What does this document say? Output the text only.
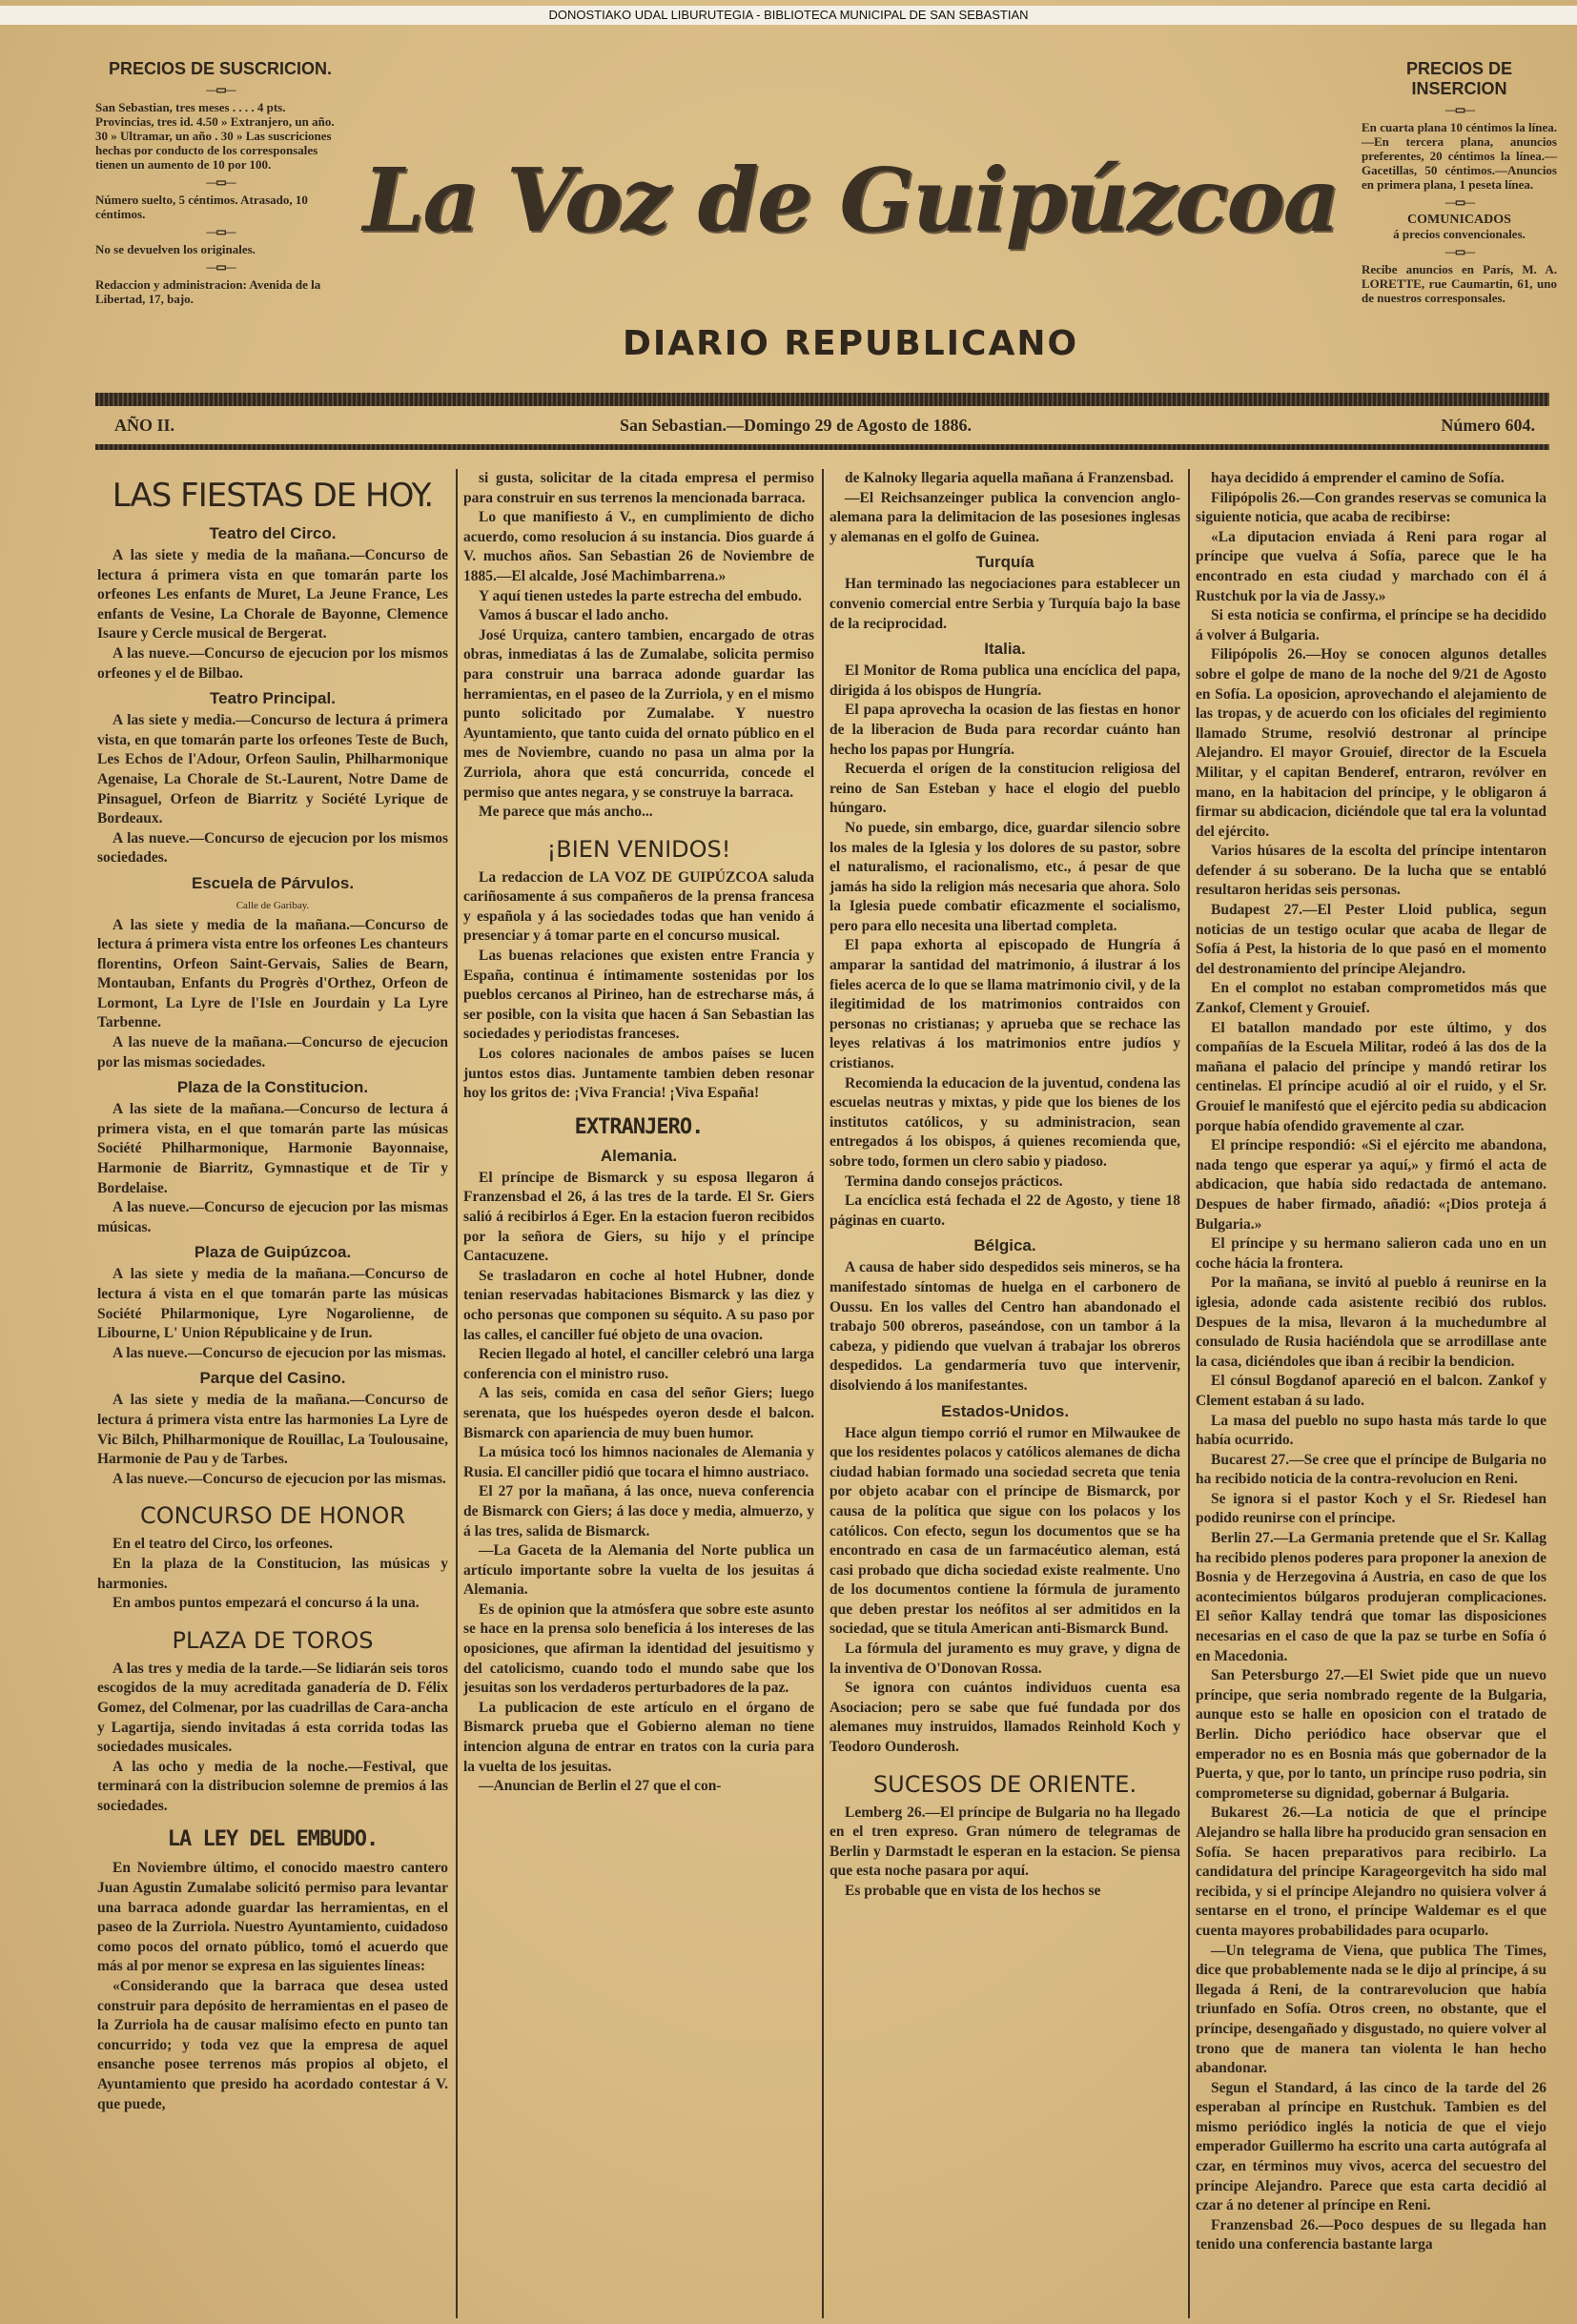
DONOSTIAKO UDAL LIBURUTEGIA - BIBLIOTECA MUNICIPAL DE SAN SEBASTIAN
PRECIOS DE SUSCRICION.
—▭—

San Sebastian, tres meses . . . . 4 pts. Provincias, tres id. 4.50 » Extranjero, un año. 30 » Ultramar, un año . 30 » Las suscriciones hechas por conducto de los corresponsales tienen un aumento de 10 por 100.

—▭—

Número suelto, 5 céntimos. Atrasado, 10 céntimos.

—▭—

No se devuelven los originales.

—▭—

Redaccion y administracion: Avenida de la Libertad, 17, bajo.

La Voz de Guipúzcoa
DIARIO REPUBLICANO
PRECIOS DE INSERCION
—▭—

En cuarta plana 10 céntimos la línea.—En tercera plana, anuncios preferentes, 20 céntimos la línea.—Gacetillas, 50 céntimos.—Anuncios en primera plana, 1 peseta línea.

—▭—

COMUNICADOS

á precios convencionales.

—▭—

Recibe anuncios en París, M. A. LORETTE, rue Caumartin, 61, uno de nuestros corresponsales.

AÑO II.	San Sebastian.—Domingo 29 de Agosto de 1886.	Número 604.
LAS FIESTAS DE HOY.
Teatro del Circo.

A las siete y media de la mañana.—Concurso de lectura á primera vista en que tomarán parte los orfeones Les enfants de Muret, La Jeune France, Les enfants de Vesine, La Chorale de Bayonne, Clemence Isaure y Cercle musical de Bergerat.

A las nueve.—Concurso de ejecucion por los mismos orfeones y el de Bilbao.

Teatro Principal.

A las siete y media.—Concurso de lectura á primera vista, en que tomarán parte los orfeones Teste de Buch, Les Echos de l'Adour, Orfeon Saulin, Philharmonique Agenaise, La Chorale de St.-Laurent, Notre Dame de Pinsaguel, Orfeon de Biarritz y Société Lyrique de Bordeaux.

A las nueve.—Concurso de ejecucion por los mismos sociedades.

Escuela de Párvulos.
Calle de Garibay.

A las siete y media de la mañana.—Concurso de lectura á primera vista entre los orfeones Les chanteurs florentins, Orfeon Saint-Gervais, Salies de Bearn, Montauban, Enfants du Progrès d'Orthez, Orfeon de Lormont, La Lyre de l'Isle en Jourdain y La Lyre Tarbenne.

A las nueve de la mañana.—Concurso de ejecucion por las mismas sociedades.

Plaza de la Constitucion.

A las siete de la mañana.—Concurso de lectura á primera vista, en el que tomarán parte las músicas Société Philharmonique, Harmonie Bayonnaise, Harmonie de Biarritz, Gymnastique et de Tir y Bordelaise.

A las nueve.—Concurso de ejecucion por las mismas músicas.

Plaza de Guipúzcoa.

A las siete y media de la mañana.—Concurso de lectura á vista en el que tomarán parte las músicas Société Philarmonique, Lyre Nogarolienne, de Libourne, L' Union Républicaine y de Irun.

A las nueve.—Concurso de ejecucion por las mismas.

Parque del Casino.

A las siete y media de la mañana.—Concurso de lectura á primera vista entre las harmonies La Lyre de Vic Bilch, Philharmonique de Rouillac, La Toulousaine, Harmonie de Pau y de Tarbes.

A las nueve.—Concurso de ejecucion por las mismas.

CONCURSO DE HONOR

En el teatro del Circo, los orfeones.

En la plaza de la Constitucion, las músicas y harmonies.

En ambos puntos empezará el concurso á la una.

PLAZA DE TOROS

A las tres y media de la tarde.—Se lidiarán seis toros escogidos de la muy acreditada ganadería de D. Félix Gomez, del Colmenar, por las cuadrillas de Cara-ancha y Lagartija, siendo invitadas á esta corrida todas las sociedades musicales.

A las ocho y media de la noche.—Festival, que terminará con la distribucion solemne de premios á las sociedades.

LA LEY DEL EMBUDO.

En Noviembre último, el conocido maestro cantero Juan Agustin Zumalabe solicitó permiso para levantar una barraca adonde guardar las herramientas, en el paseo de la Zurriola. Nuestro Ayuntamiento, cuidadoso como pocos del ornato público, tomó el acuerdo que más al por menor se expresa en las siguientes líneas:

«Considerando que la barraca que desea usted construir para depósito de herramientas en el paseo de la Zurriola ha de causar malísimo efecto en punto tan concurrido; y toda vez que la empresa de aquel ensanche posee terrenos más propios al objeto, el Ayuntamiento que presido ha acordado contestar á V. que puede,

si gusta, solicitar de la citada empresa el permiso para construir en sus terrenos la mencionada barraca.

Lo que manifiesto á V., en cumplimiento de dicho acuerdo, como resolucion á su instancia. Dios guarde á V. muchos años. San Sebastian 26 de Noviembre de 1885.—El alcalde, José Machimbarrena.»

Y aquí tienen ustedes la parte estrecha del embudo.

Vamos á buscar el lado ancho.

José Urquiza, cantero tambien, encargado de otras obras, inmediatas á las de Zumalabe, solicita permiso para construir una barraca adonde guardar las herramientas, en el paseo de la Zurriola, y en el mismo punto solicitado por Zumalabe. Y nuestro Ayuntamiento, que tanto cuida del ornato público en el mes de Noviembre, cuando no pasa un alma por la Zurriola, ahora que está concurrida, concede el permiso que antes negara, y se construye la barraca.

Me parece que más ancho...

¡BIEN VENIDOS!

La redaccion de LA VOZ DE GUIPÚZCOA saluda cariñosamente á sus compañeros de la prensa francesa y española y á las sociedades todas que han venido á presenciar y á tomar parte en el concurso musical.

Las buenas relaciones que existen entre Francia y España, continua é íntimamente sostenidas por los pueblos cercanos al Pirineo, han de estrecharse más, á ser posible, con la visita que hacen á San Sebastian las sociedades y periodistas franceses.

Los colores nacionales de ambos países se lucen juntos estos dias. Juntamente tambien deben resonar hoy los gritos de: ¡Viva Francia! ¡Viva España!

EXTRANJERO.
Alemania.

El príncipe de Bismarck y su esposa llegaron á Franzensbad el 26, á las tres de la tarde. El Sr. Giers salió á recibirlos á Eger. En la estacion fueron recibidos por la señora de Giers, su hijo y el príncipe Cantacuzene.

Se trasladaron en coche al hotel Hubner, donde tenian reservadas habitaciones Bismarck y las diez y ocho personas que componen su séquito. A su paso por las calles, el canciller fué objeto de una ovacion.

Recien llegado al hotel, el canciller celebró una larga conferencia con el ministro ruso.

A las seis, comida en casa del señor Giers; luego serenata, que los huéspedes oyeron desde el balcon. Bismarck con apariencia de muy buen humor.

La música tocó los himnos nacionales de Alemania y Rusia. El canciller pidió que tocara el himno austriaco.

El 27 por la mañana, á las once, nueva conferencia de Bismarck con Giers; á las doce y media, almuerzo, y á las tres, salida de Bismarck.

—La Gaceta de la Alemania del Norte publica un artículo importante sobre la vuelta de los jesuitas á Alemania.

Es de opinion que la atmósfera que sobre este asunto se hace en la prensa solo beneficia á los intereses de las oposiciones, que afirman la identidad del jesuitismo y del catolicismo, cuando todo el mundo sabe que los jesuitas son los verdaderos perturbadores de la paz.

La publicacion de este artículo en el órgano de Bismarck prueba que el Gobierno aleman no tiene intencion alguna de entrar en tratos con la curia para la vuelta de los jesuitas.

—Anuncian de Berlin el 27 que el con-

de Kalnoky llegaria aquella mañana á Franzensbad.

—El Reichsanzeinger publica la convencion anglo-alemana para la delimitacion de las posesiones inglesas y alemanas en el golfo de Guinea.

Turquía

Han terminado las negociaciones para establecer un convenio comercial entre Serbia y Turquía bajo la base de la reciprocidad.

Italia.

El Monitor de Roma publica una encíclica del papa, dirigida á los obispos de Hungría.

El papa aprovecha la ocasion de las fiestas en honor de la liberacion de Buda para recordar cuánto han hecho los papas por Hungría.

Recuerda el orígen de la constitucion religiosa del reino de San Esteban y hace el elogio del pueblo húngaro.

No puede, sin embargo, dice, guardar silencio sobre los males de la Iglesia y los dolores de su pastor, sobre el naturalismo, el racionalismo, etc., á pesar de que jamás ha sido la religion más necesaria que ahora. Solo la Iglesia puede combatir eficazmente el socialismo, pero para ello necesita una libertad completa.

El papa exhorta al episcopado de Hungría á amparar la santidad del matrimonio, á ilustrar á los fieles acerca de lo que se llama matrimonio civil, y de la ilegitimidad de los matrimonios contraidos con personas no cristianas; y aprueba que se rechace las leyes relativas á los matrimonios entre judíos y cristianos.

Recomienda la educacion de la juventud, condena las escuelas neutras y mixtas, y pide que los bienes de los institutos católicos, y su administracion, sean entregados á los obispos, á quienes recomienda que, sobre todo, formen un clero sabio y piadoso.

Termina dando consejos prácticos.

La encíclica está fechada el 22 de Agosto, y tiene 18 páginas en cuarto.

Bélgica.

A causa de haber sido despedidos seis mineros, se ha manifestado síntomas de huelga en el carbonero de Oussu. En los valles del Centro han abandonado el trabajo 500 obreros, paseándose, con un tambor á la cabeza, y pidiendo que vuelvan á trabajar los obreros despedidos. La gendarmería tuvo que intervenir, disolviendo á los manifestantes.

Estados-Unidos.

Hace algun tiempo corrió el rumor en Milwaukee de que los residentes polacos y católicos alemanes de dicha ciudad habian formado una sociedad secreta que tenia por objeto acabar con el príncipe de Bismarck, por causa de la política que sigue con los polacos y los católicos. Con efecto, segun los documentos que se ha encontrado en casa de un farmacéutico aleman, está casi probado que dicha sociedad existe realmente. Uno de los documentos contiene la fórmula de juramento que deben prestar los neófitos al ser admitidos en la sociedad, que se titula American anti-Bismarck Bund.

La fórmula del juramento es muy grave, y digna de la inventiva de O'Donovan Rossa.

Se ignora con cuántos individuos cuenta esa Asociacion; pero se sabe que fué fundada por dos alemanes muy instruidos, llamados Reinhold Koch y Teodoro Ounderosh.

SUCESOS DE ORIENTE.

Lemberg 26.—El príncipe de Bulgaria no ha llegado en el tren expreso. Gran número de telegramas de Berlin y Darmstadt le esperan en la estacion. Se piensa que esta noche pasara por aquí.

Es probable que en vista de los hechos se

haya decidido á emprender el camino de Sofía.

Filipópolis 26.—Con grandes reservas se comunica la siguiente noticia, que acaba de recibirse:

«La diputacion enviada á Reni para rogar al príncipe que vuelva á Sofía, parece que le ha encontrado en esta ciudad y marchado con él á Rustchuk por la via de Jassy.»

Si esta noticia se confirma, el príncipe se ha decidido á volver á Bulgaria.

Filipópolis 26.—Hoy se conocen algunos detalles sobre el golpe de mano de la noche del 9/21 de Agosto en Sofía. La oposicion, aprovechando el alejamiento de las tropas, y de acuerdo con los oficiales del regimiento llamado Strume, resolvió destronar al príncipe Alejandro. El mayor Grouief, director de la Escuela Militar, y el capitan Benderef, entraron, revólver en mano, en la habitacion del príncipe, y le obligaron á firmar su abdicacion, diciéndole que tal era la voluntad del ejército.

Varios húsares de la escolta del príncipe intentaron defender á su soberano. De la lucha que se entabló resultaron heridas seis personas.

Budapest 27.—El Pester Lloid publica, segun noticias de un testigo ocular que acaba de llegar de Sofía á Pest, la historia de lo que pasó en el momento del destronamiento del príncipe Alejandro.

En el complot no estaban comprometidos más que Zankof, Clement y Grouief.

El batallon mandado por este último, y dos compañías de la Escuela Militar, rodeó á las dos de la mañana el palacio del príncipe y mandó retirar los centinelas. El príncipe acudió al oir el ruido, y el Sr. Grouief le manifestó que el ejército pedia su abdicacion porque había ofendido gravemente al czar.

El príncipe respondió: «Si el ejército me abandona, nada tengo que esperar ya aquí,» y firmó el acta de abdicacion, que había sido redactada de antemano. Despues de haber firmado, añadió: «¡Dios proteja á Bulgaria.»

El príncipe y su hermano salieron cada uno en un coche hácia la frontera.

Por la mañana, se invitó al pueblo á reunirse en la iglesia, adonde cada asistente recibió dos rublos. Despues de la misa, llevaron á la muchedumbre al consulado de Rusia haciéndola que se arrodillase ante la casa, diciéndoles que iban á recibir la bendicion.

El cónsul Bogdanof apareció en el balcon. Zankof y Clement estaban á su lado.

La masa del pueblo no supo hasta más tarde lo que había ocurrido.

Bucarest 27.—Se cree que el príncipe de Bulgaria no ha recibido noticia de la contra-revolucion en Reni.

Se ignora si el pastor Koch y el Sr. Riedesel han podido reunirse con el príncipe.

Berlin 27.—La Germania pretende que el Sr. Kallag ha recibido plenos poderes para proponer la anexion de Bosnia y de Herzegovina á Austria, en caso de que los acontecimientos búlgaros produjeran complicaciones. El señor Kallay tendrá que tomar las disposiciones necesarias en el caso de que la paz se turbe en Sofía ó en Macedonia.

San Petersburgo 27.—El Swiet pide que un nuevo príncipe, que seria nombrado regente de la Bulgaria, aunque esto se halle en oposicion con el tratado de Berlin. Dicho periódico hace observar que el emperador no es en Bosnia más que gobernador de la Puerta, y que, por lo tanto, un príncipe ruso podria, sin comprometerse su dignidad, gobernar á Bulgaria.

Bukarest 26.—La noticia de que el príncipe Alejandro se halla libre ha producido gran sensacion en Sofía. Se hacen preparativos para recibirlo. La candidatura del príncipe Karageorgevitch ha sido mal recibida, y si el príncipe Alejandro no quisiera volver á sentarse en el trono, el príncipe Waldemar es el que cuenta mayores probabilidades para ocuparlo.

—Un telegrama de Viena, que publica The Times, dice que probablemente nada se le dijo al príncipe, á su llegada á Reni, de la contrarevolucion que había triunfado en Sofía. Otros creen, no obstante, que el príncipe, desengañado y disgustado, no quiere volver al trono que de manera tan violenta le han hecho abandonar.

Segun el Standard, á las cinco de la tarde del 26 esperaban al príncipe en Rustchuk. Tambien es del mismo periódico inglés la noticia de que el viejo emperador Guillermo ha escrito una carta autógrafa al czar, en términos muy vivos, acerca del secuestro del príncipe Alejandro. Parece que esta carta decidió al czar á no detener al príncipe en Reni.

Franzensbad 26.—Poco despues de su llegada han tenido una conferencia bastante larga
